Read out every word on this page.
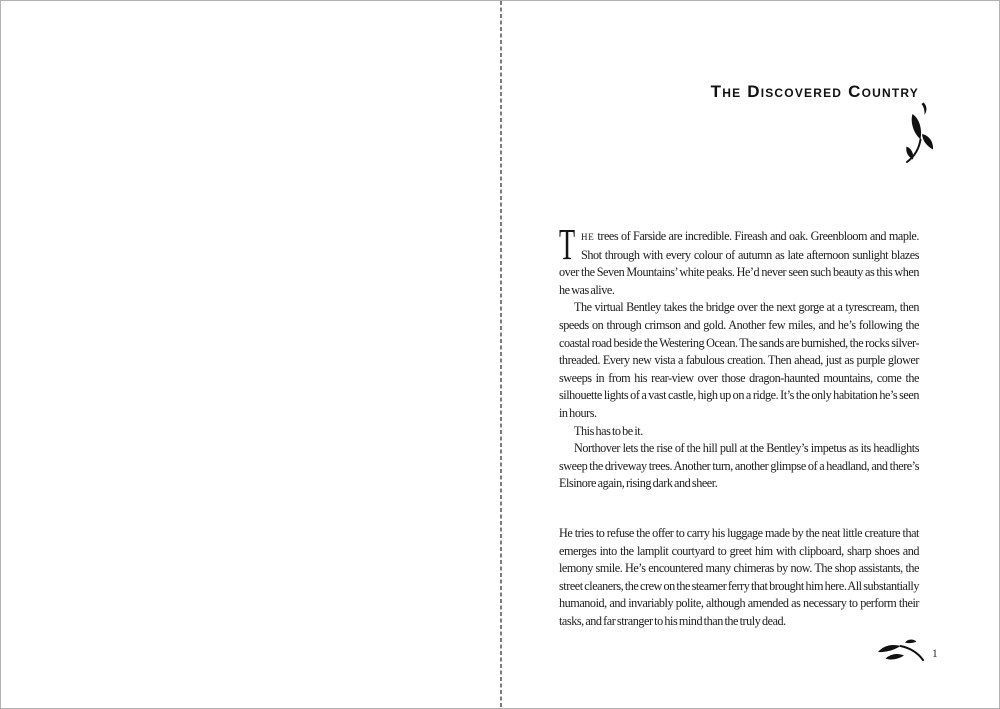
The Discovered Country

THE trees of Farside are incredible. Fireash and oak. Greenbloom and maple. Shot through with every colour of autumn as late afternoon sunlight blazes over the Seven Mountains’ white peaks. He’d never seen such beauty as this when he was alive.

The virtual Bentley takes the bridge over the next gorge at a tyrescream, then speeds on through crimson and gold. Another few miles, and he’s following the coastal road beside the Westering Ocean. The sands are burnished, the rocks silver-threaded. Every new vista a fabulous creation. Then ahead, just as purple glower sweeps in from his rear-view over those dragon-haunted mountains, come the silhouette lights of a vast castle, high up on a ridge. It’s the only habitation he’s seen in hours.

This has to be it.

Northover lets the rise of the hill pull at the Bentley’s impetus as its headlights sweep the driveway trees. Another turn, another glimpse of a headland, and there’s Elsinore again, rising dark and sheer.

He tries to refuse the offer to carry his luggage made by the neat little creature that emerges into the lamplit courtyard to greet him with clipboard, sharp shoes and lemony smile. He’s encountered many chimeras by now. The shop assistants, the street cleaners, the crew on the steamer ferry that brought him here. All substantially humanoid, and invariably polite, although amended as necessary to perform their tasks, and far stranger to his mind than the truly dead.

1
